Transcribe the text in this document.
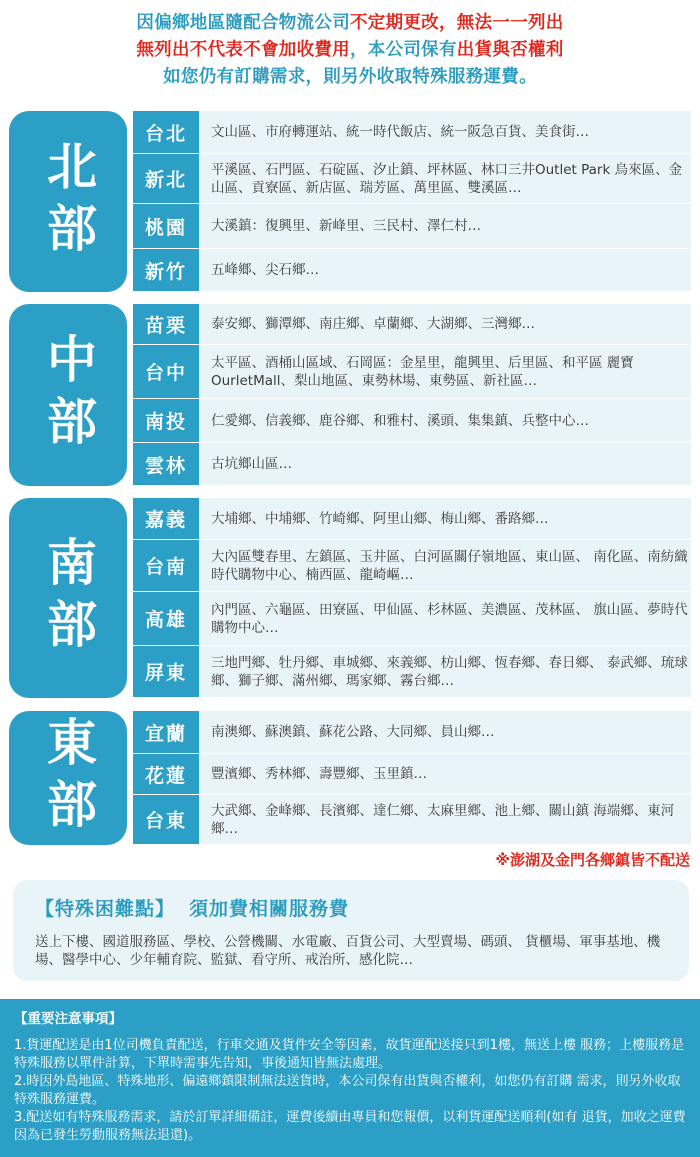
因偏鄉地區隨配合物流公司不定期更改，無法一一列出
無列出不代表不會加收費用，本公司保有出貨與否權利
如您仍有訂購需求，則另外收取特殊服務運費。
北部
台北	文山區、市府轉運站、統一時代飯店、統一阪急百貨、美食街…
新北	平溪區、石門區、石碇區、汐止鎮、坪林區、林口三井Outlet Park 烏來區、金山區、貢寮區、新店區、瑞芳區、萬里區、雙溪區…
桃園	大溪鎮：復興里、新峰里、三民村、澤仁村…
新竹	五峰鄉、尖石鄉…
中部
苗栗	泰安鄉、獅潭鄉、南庄鄉、卓蘭鄉、大湖鄉、三灣鄉…
台中	太平區、酒桶山區域、石岡區：金星里，龍興里、后里區、和平區 麗寶OurletMall、梨山地區、東勢林場、東勢區、新社區…
南投	仁愛鄉、信義鄉、鹿谷鄉、和雅村、溪頭、集集鎮、兵整中心…
雲林	古坑鄉山區…
南部
嘉義	大埔鄉、中埔鄉、竹崎鄉、阿里山鄉、梅山鄉、番路鄉…
台南	大內區雙春里、左鎮區、玉井區、白河區關仔嶺地區、東山區、 南化區、南紡織時代購物中心、楠西區、龍崎嶇…
高雄	內門區、六龜區、田寮區、甲仙區、杉林區、美濃區、茂林區、 旗山區、夢時代購物中心…
屏東	三地門鄉、牡丹鄉、車城鄉、來義鄉、枋山鄉、恆春鄉、春日鄉、 泰武鄉、琉球鄉、獅子鄉、滿州鄉、瑪家鄉、霧台鄉…
東部	宜蘭	南澳鄉、蘇澳鎮、蘇花公路、大同鄉、員山鄉…
花蓮	豐濱鄉、秀林鄉、壽豐鄉、玉里鎮…
台東	大武鄉、金峰鄉、長濱鄉、達仁鄉、太麻里鄉、池上鄉、關山鎮 海端鄉、東河鄉…
※澎湖及金門各鄉鎮皆不配送
【特殊困難點】 須加費相關服務費
送上下樓、國道服務區、學校、公營機關、水電廠、百貨公司、大型賣場、碼頭、 貨櫃場、軍事基地、機場、醫學中心、少年輔育院、監獄、看守所、戒治所、感化院…
【重要注意事項】
1.貨運配送是由1位司機負責配送，行車交通及貨件安全等因素，故貨運配送接只到1樓，無送上樓 服務；上樓服務是特殊服務以單件計算，下單時需事先告知，事後通知皆無法處理。
2.時因外島地區、特殊地形、偏遠鄉鎮限制無法送貨時，本公司保有出貨與否權利，如您仍有訂購 需求，則另外收取特殊服務運費。
3.配送如有特殊服務需求，請於訂單詳細備註，運費後續由專員和您報價，以利貨運配送順利(如有 退貨，加收之運費因為已發生勞動服務無法退還)。
